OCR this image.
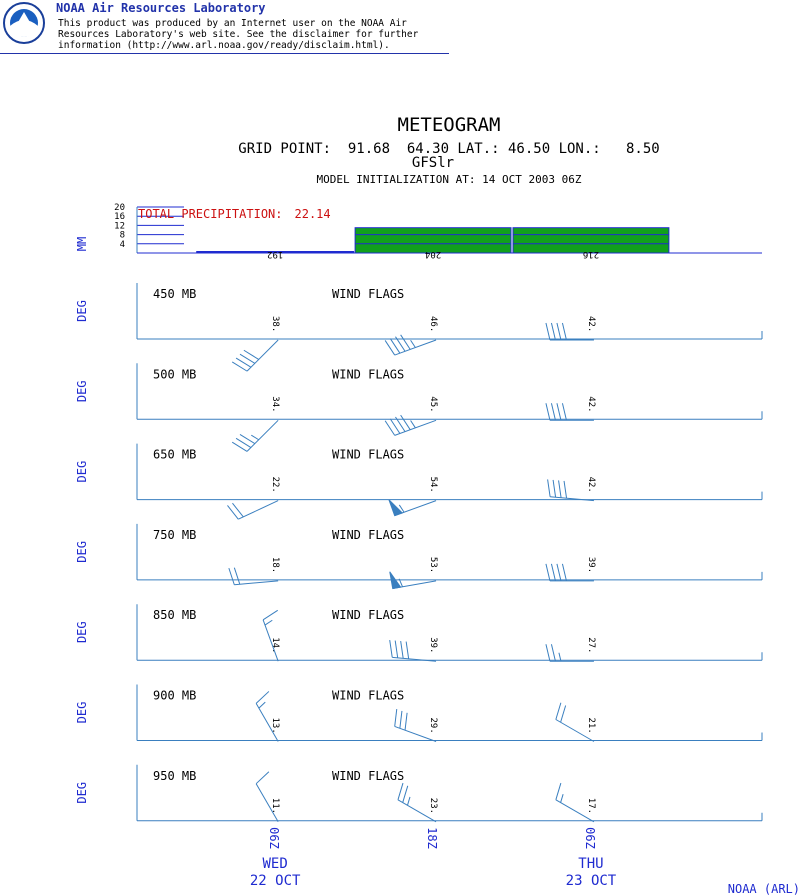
NOAA Air Resources Laboratory
This product was produced by an Internet user on the NOAA Air
Resources Laboratory's web site. See the disclaimer for further
information (http://www.arl.noaa.gov/ready/disclaim.html).
METEOGRAM
GRID POINT:  91.68  64.30 LAT.: 46.50 LON.:   8.50
GFSlr
MODEL INITIALIZATION AT: 14 OCT 2003 06Z
MM
20
16
12
8
4
192	204	216
TOTAL PRECIPITATION: 22.14
DEG
450 MB	WIND FLAGS
38.	46.	42.
DEG
500 MB	WIND FLAGS
34.	45.	42.
DEG
650 MB	WIND FLAGS
22.	54.	42.
DEG
750 MB	WIND FLAGS
18.	53.	39.
DEG
850 MB	WIND FLAGS
14.	39.	27.
DEG
900 MB	WIND FLAGS
13.	29.	21.
DEG
950 MB	WIND FLAGS
11.	23.	17.
06Z	18Z	06Z
WED
22 OCT
THU
23 OCT	NOAA (ARL)
